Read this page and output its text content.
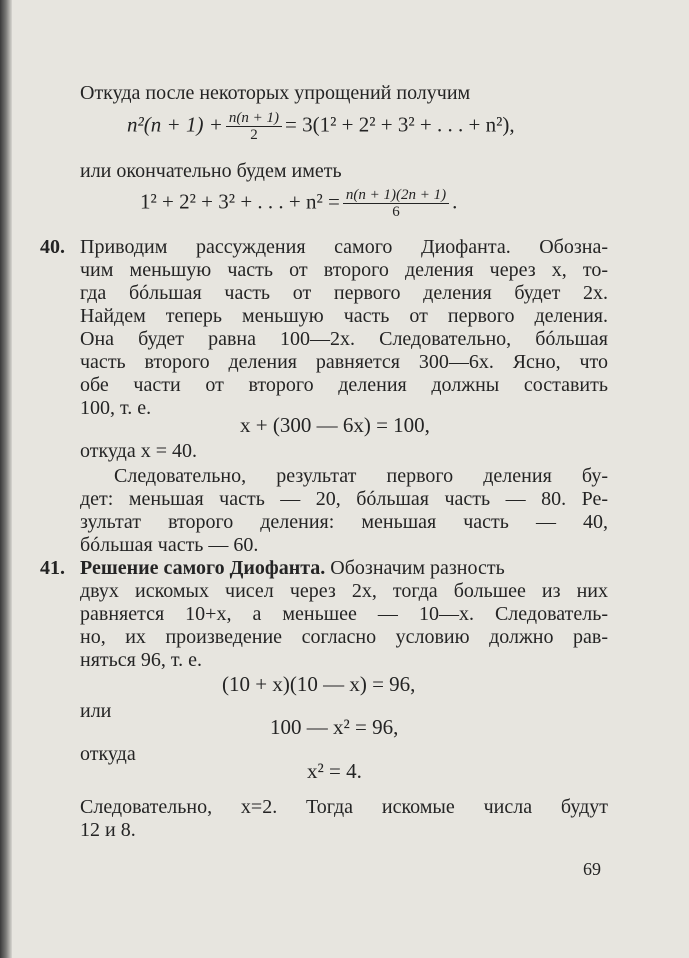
Откуда после некоторых упрощений получим
$n^2(n + 1) + \frac{n(n + 1)}{2} = 3(1^2 + 2^2 + 3^2$ + . . . + n²),
или окончательно будем иметь
1² + 2² + 3² + . . . + $n^2 = \frac{n(n + 1)(2n + 1)}{6}$ .
40. Приводим рассуждения самого Диофанта. Обозна-
чим меньшую часть от второго деления через x, то-
гда бóльшая часть от первого деления будет 2x.
Найдем теперь меньшую часть от первого деления.
Она будет равна 100—2x. Следовательно, бóльшая
часть второго деления равняется 300—6x. Ясно, что
обе части от второго деления должны составить
100, т. е.
x + (300 — 6x) = 100,
откуда x = 40.
Следовательно, результат первого деления бу-
дет: меньшая часть — 20, бóльшая часть — 80. Ре-
зультат второго деления: меньшая часть — 40,
бóльшая часть — 60.
41. Решение самого Диофанта. Обозначим разность
двух искомых чисел через 2x, тогда большее из них
равняется 10+x, а меньшее — 10—x. Следователь-
но, их произведение согласно условию должно рав-
няться 96, т. е.
(10 + x)(10 — x) = 96,
или
100 — x² = 96,
откуда
x² = 4.
Следовательно, x=2. Тогда искомые числа будут
12 и 8.
69
